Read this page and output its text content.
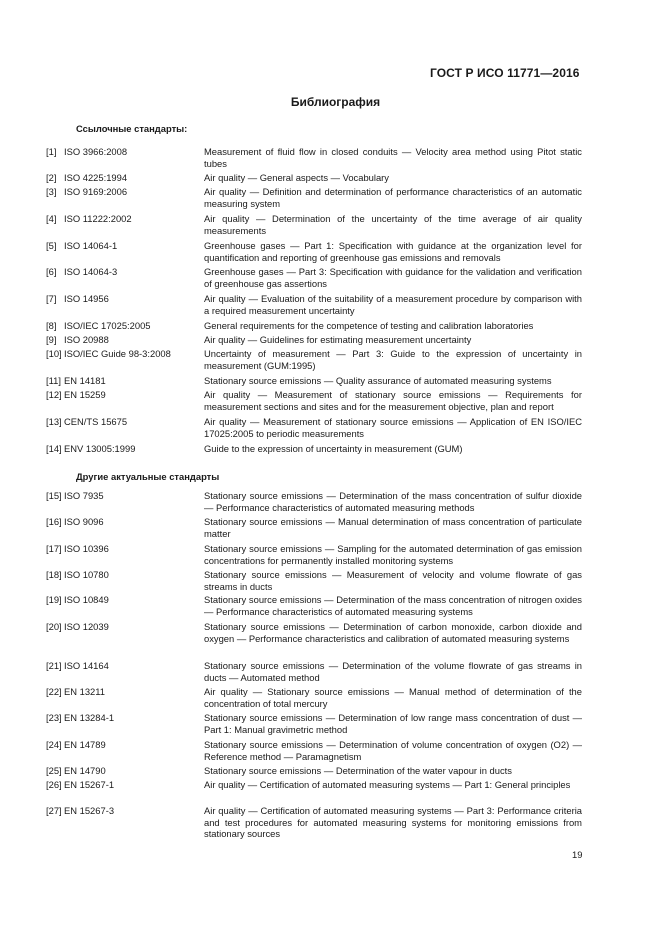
ГОСТ Р ИСО 11771—2016
Библиография
Ссылочные стандарты:
[1] ISO 3966:2008	Measurement of fluid flow in closed conduits — Velocity area method using Pitot static tubes
[2] ISO 4225:1994	Air quality — General aspects — Vocabulary
[3] ISO 9169:2006	Air quality — Definition and determination of performance characteristics of an automatic measuring system
[4] ISO 11222:2002	Air quality — Determination of the uncertainty of the time average of air quality measurements
[5] ISO 14064-1	Greenhouse gases — Part 1: Specification with guidance at the organization level for quantification and reporting of greenhouse gas emissions and removals
[6] ISO 14064-3	Greenhouse gases — Part 3: Specification with guidance for the validation and verification of greenhouse gas assertions
[7] ISO 14956	Air quality — Evaluation of the suitability of a measurement procedure by comparison with a required measurement uncertainty
[8] ISO/IEC 17025:2005	General requirements for the competence of testing and calibration laboratories
[9] ISO 20988	Air quality — Guidelines for estimating measurement uncertainty
[10] ISO/IEC Guide 98-3:2008	Uncertainty of measurement — Part 3: Guide to the expression of uncertainty in measurement (GUM:1995)
[11] EN 14181	Stationary source emissions — Quality assurance of automated measuring systems
[12] EN 15259	Air quality — Measurement of stationary source emissions — Requirements for measurement sections and sites and for the measurement objective, plan and report
[13] CEN/TS 15675	Air quality — Measurement of stationary source emissions — Application of EN ISO/IEC 17025:2005 to periodic measurements
[14] ENV 13005:1999	Guide to the expression of uncertainty in measurement (GUM)
Другие актуальные стандарты
[15] ISO 7935	Stationary source emissions — Determination of the mass concentration of sulfur dioxide — Performance characteristics of automated measuring methods
[16] ISO 9096	Stationary source emissions — Manual determination of mass concentration of particulate matter
[17] ISO 10396	Stationary source emissions — Sampling for the automated determination of gas emission concentrations for permanently installed monitoring systems
[18] ISO 10780	Stationary source emissions — Measurement of velocity and volume flowrate of gas streams in ducts
[19] ISO 10849	Stationary source emissions — Determination of the mass concentration of nitrogen oxides — Performance characteristics of automated measuring systems
[20] ISO 12039	Stationary source emissions — Determination of carbon monoxide, carbon dioxide and oxygen — Performance characteristics and calibration of automated measuring systems
[21] ISO 14164	Stationary source emissions — Determination of the volume flowrate of gas streams in ducts — Automated method
[22] EN 13211	Air quality — Stationary source emissions — Manual method of determination of the concentration of total mercury
[23] EN 13284-1	Stationary source emissions — Determination of low range mass concentration of dust — Part 1: Manual gravimetric method
[24] EN 14789	Stationary source emissions — Determination of volume concentration of oxygen (O2) — Reference method — Paramagnetism
[25] EN 14790	Stationary source emissions — Determination of the water vapour in ducts
[26] EN 15267-1	Air quality — Certification of automated measuring systems — Part 1: General principles
[27] EN 15267-3	Air quality — Certification of automated measuring systems — Part 3: Performance criteria and test procedures for automated measuring systems for monitoring emissions from stationary sources
19
